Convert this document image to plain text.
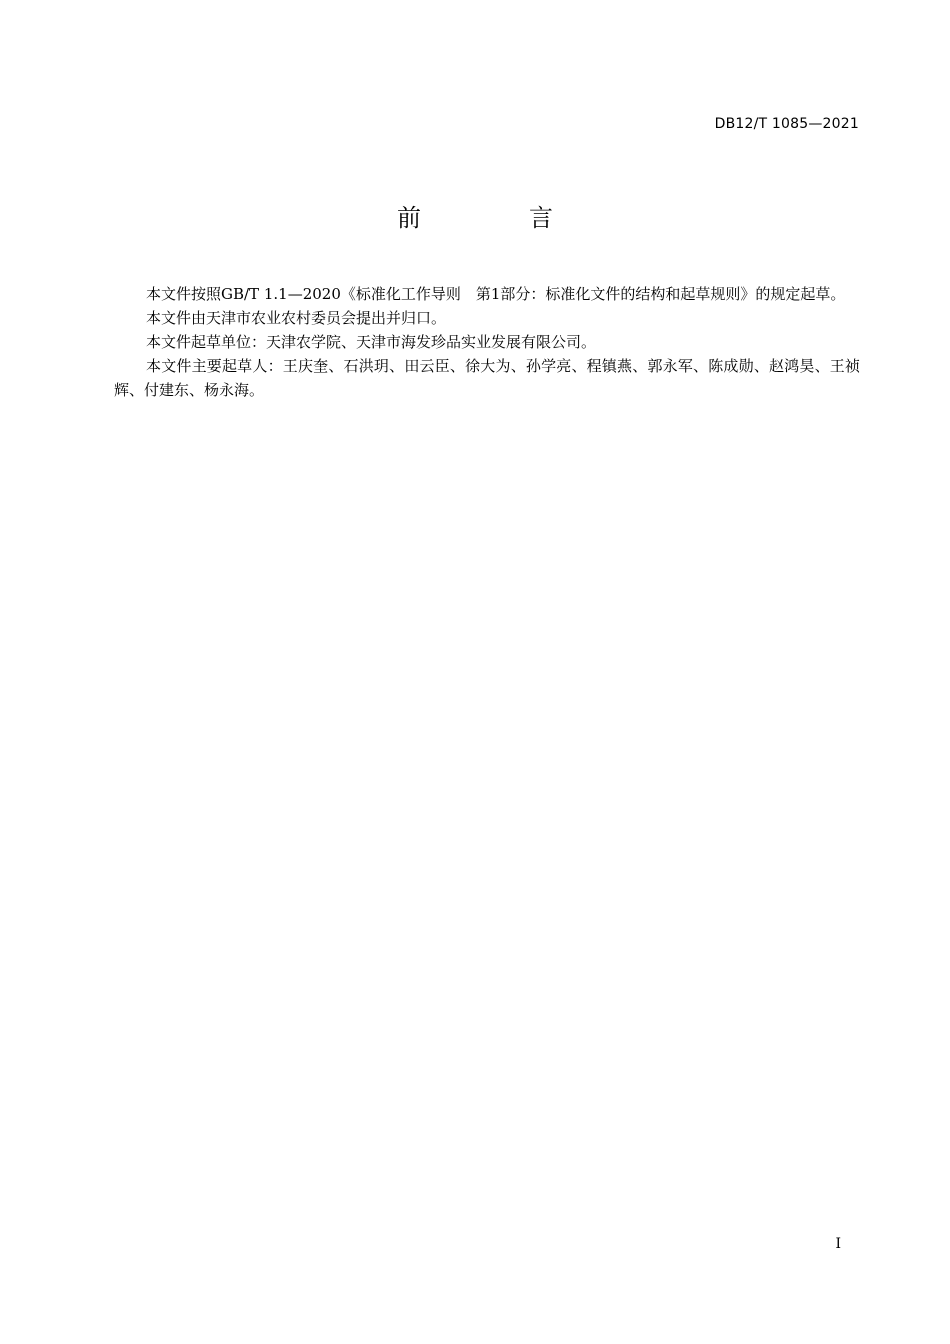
DB12/T 1085—2021
前　言

本文件按照GB/T 1.1—2020《标准化工作导则　第1部分：标准化文件的结构和起草规则》的规定起草。

本文件由天津市农业农村委员会提出并归口。

本文件起草单位：天津农学院、天津市海发珍品实业发展有限公司。

本文件主要起草人：王庆奎、石洪玥、田云臣、徐大为、孙学亮、程镇燕、郭永军、陈成勋、赵鸿昊、王祯辉、付建东、杨永海。

I
